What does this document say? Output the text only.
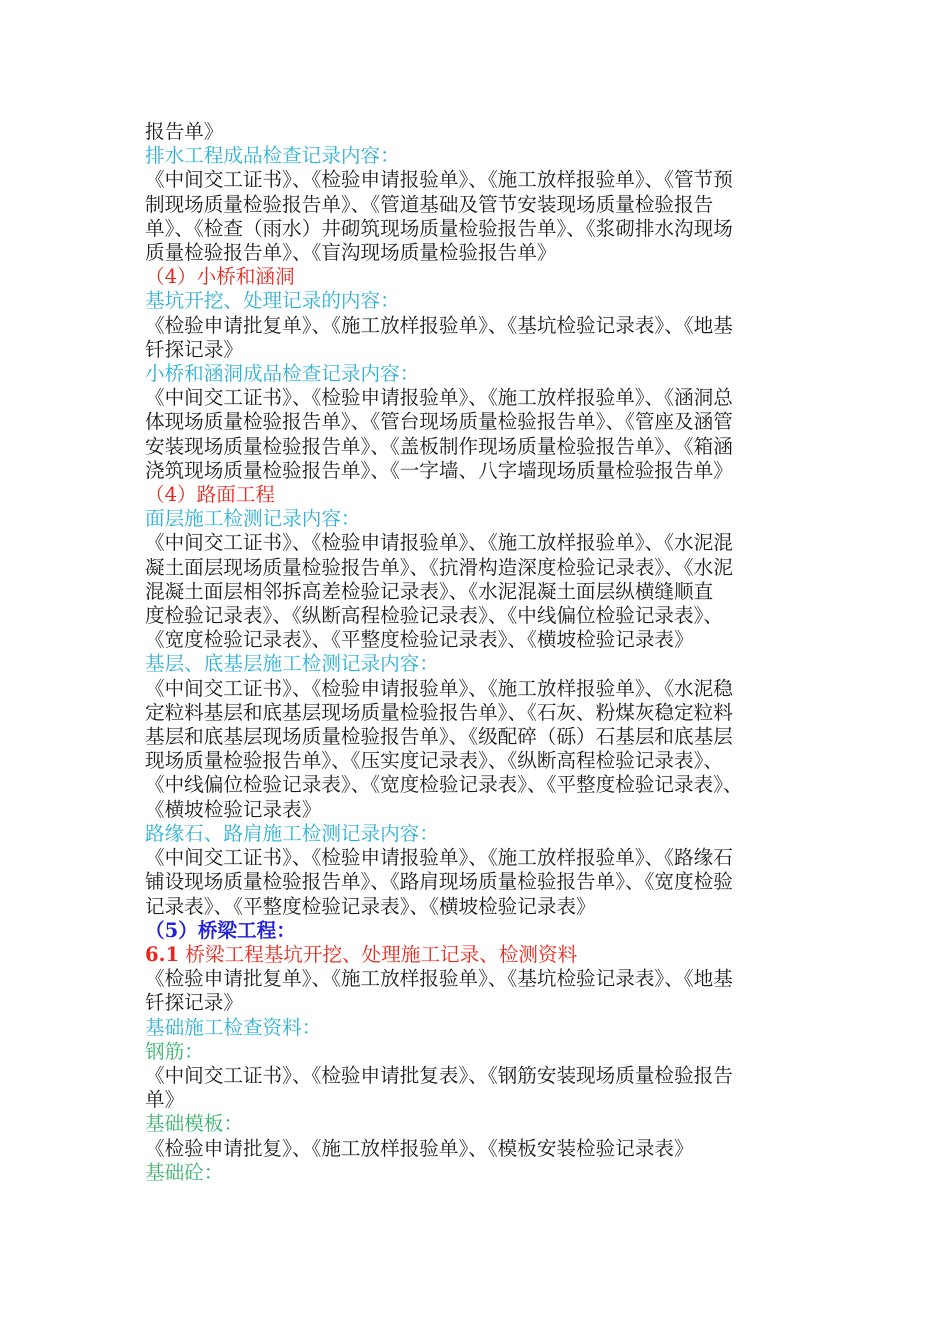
报告单》
排水工程成品检查记录内容：
《中间交工证书》、《检验申请报验单》、《施工放样报验单》、《管节预
制现场质量检验报告单》、《管道基础及管节安装现场质量检验报告
单》、《检查（雨水）井砌筑现场质量检验报告单》、《浆砌排水沟现场
质量检验报告单》、《盲沟现场质量检验报告单》
（4）小桥和涵洞
基坑开挖、处理记录的内容：
《检验申请批复单》、《施工放样报验单》、《基坑检验记录表》、《地基
钎探记录》
小桥和涵洞成品检查记录内容：
《中间交工证书》、《检验申请报验单》、《施工放样报验单》、《涵洞总
体现场质量检验报告单》、《管台现场质量检验报告单》、《管座及涵管
安装现场质量检验报告单》、《盖板制作现场质量检验报告单》、《箱涵
浇筑现场质量检验报告单》、《一字墙、八字墙现场质量检验报告单》
（4）路面工程
面层施工检测记录内容：
《中间交工证书》、《检验申请报验单》、《施工放样报验单》、《水泥混
凝土面层现场质量检验报告单》、《抗滑构造深度检验记录表》、《水泥
混凝土面层相邻拆高差检验记录表》、《水泥混凝土面层纵横缝顺直
度检验记录表》、《纵断高程检验记录表》、《中线偏位检验记录表》、
《宽度检验记录表》、《平整度检验记录表》、《横坡检验记录表》
基层、底基层施工检测记录内容：
《中间交工证书》、《检验申请报验单》、《施工放样报验单》、《水泥稳
定粒料基层和底基层现场质量检验报告单》、《石灰、粉煤灰稳定粒料
基层和底基层现场质量检验报告单》、《级配碎（砾）石基层和底基层
现场质量检验报告单》、《压实度记录表》、《纵断高程检验记录表》、
《中线偏位检验记录表》、《宽度检验记录表》、《平整度检验记录表》、
《横坡检验记录表》
路缘石、路肩施工检测记录内容：
《中间交工证书》、《检验申请报验单》、《施工放样报验单》、《路缘石
铺设现场质量检验报告单》、《路肩现场质量检验报告单》、《宽度检验
记录表》、《平整度检验记录表》、《横坡检验记录表》
（5）桥梁工程：
6.1 桥梁工程基坑开挖、处理施工记录、检测资料
《检验申请批复单》、《施工放样报验单》、《基坑检验记录表》、《地基
钎探记录》
基础施工检查资料：
钢筋：
《中间交工证书》、《检验申请批复表》、《钢筋安装现场质量检验报告
单》
基础模板：
《检验申请批复》、《施工放样报验单》、《模板安装检验记录表》
基础砼：
